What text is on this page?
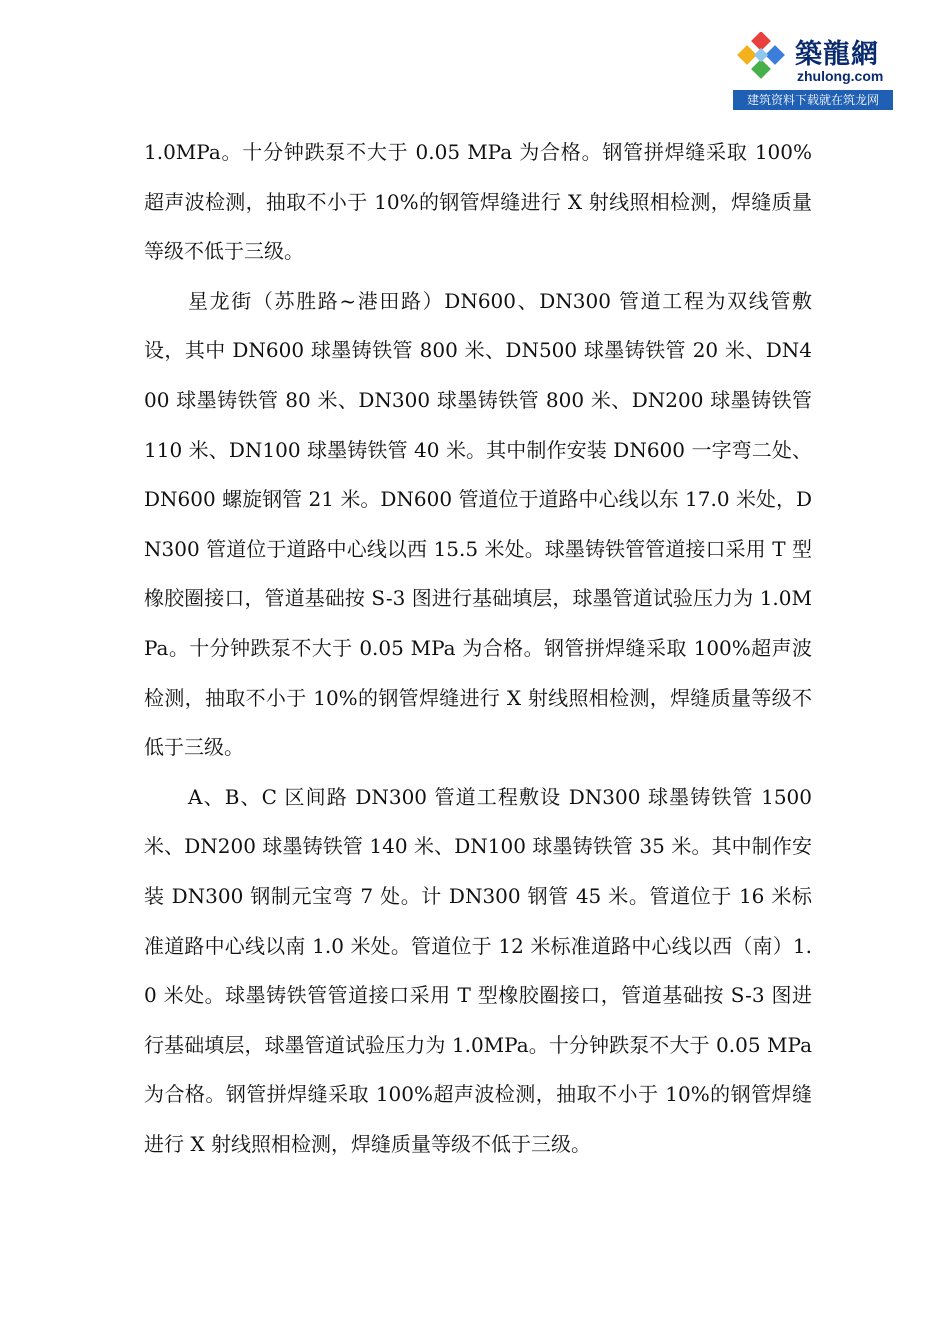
築龍網
zhulong.com
建筑资料下载就在筑龙网

1.0MPa。十分钟跌泵不大于 0.05 MPa 为合格。钢管拼焊缝采取 100%超声波检测，抽取不小于 10%的钢管焊缝进行 X 射线照相检测，焊缝质量等级不低于三级。

星龙街（苏胜路~港田路）DN600、DN300 管道工程为双线管敷设，其中 DN600 球墨铸铁管 800 米、DN500 球墨铸铁管 20 米、DN400 球墨铸铁管 80 米、DN300 球墨铸铁管 800 米、DN200 球墨铸铁管 110 米、DN100 球墨铸铁管 40 米。其中制作安装 DN600 一字弯二处、DN600 螺旋钢管 21 米。DN600 管道位于道路中心线以东 17.0 米处，DN300 管道位于道路中心线以西 15.5 米处。球墨铸铁管管道接口采用 T 型橡胶圈接口，管道基础按 S-3 图进行基础填层，球墨管道试验压力为 1.0MPa。十分钟跌泵不大于 0.05 MPa 为合格。钢管拼焊缝采取 100%超声波检测，抽取不小于 10%的钢管焊缝进行 X 射线照相检测，焊缝质量等级不低于三级。

A、B、C 区间路 DN300 管道工程敷设 DN300 球墨铸铁管 1500 米、DN200 球墨铸铁管 140 米、DN100 球墨铸铁管 35 米。其中制作安装 DN300 钢制元宝弯 7 处。计 DN300 钢管 45 米。管道位于 16 米标准道路中心线以南 1.0 米处。管道位于 12 米标准道路中心线以西（南）1.0 米处。球墨铸铁管管道接口采用 T 型橡胶圈接口，管道基础按 S-3 图进行基础填层，球墨管道试验压力为 1.0MPa。十分钟跌泵不大于 0.05 MPa 为合格。钢管拼焊缝采取 100%超声波检测，抽取不小于 10%的钢管焊缝进行 X 射线照相检测，焊缝质量等级不低于三级。
